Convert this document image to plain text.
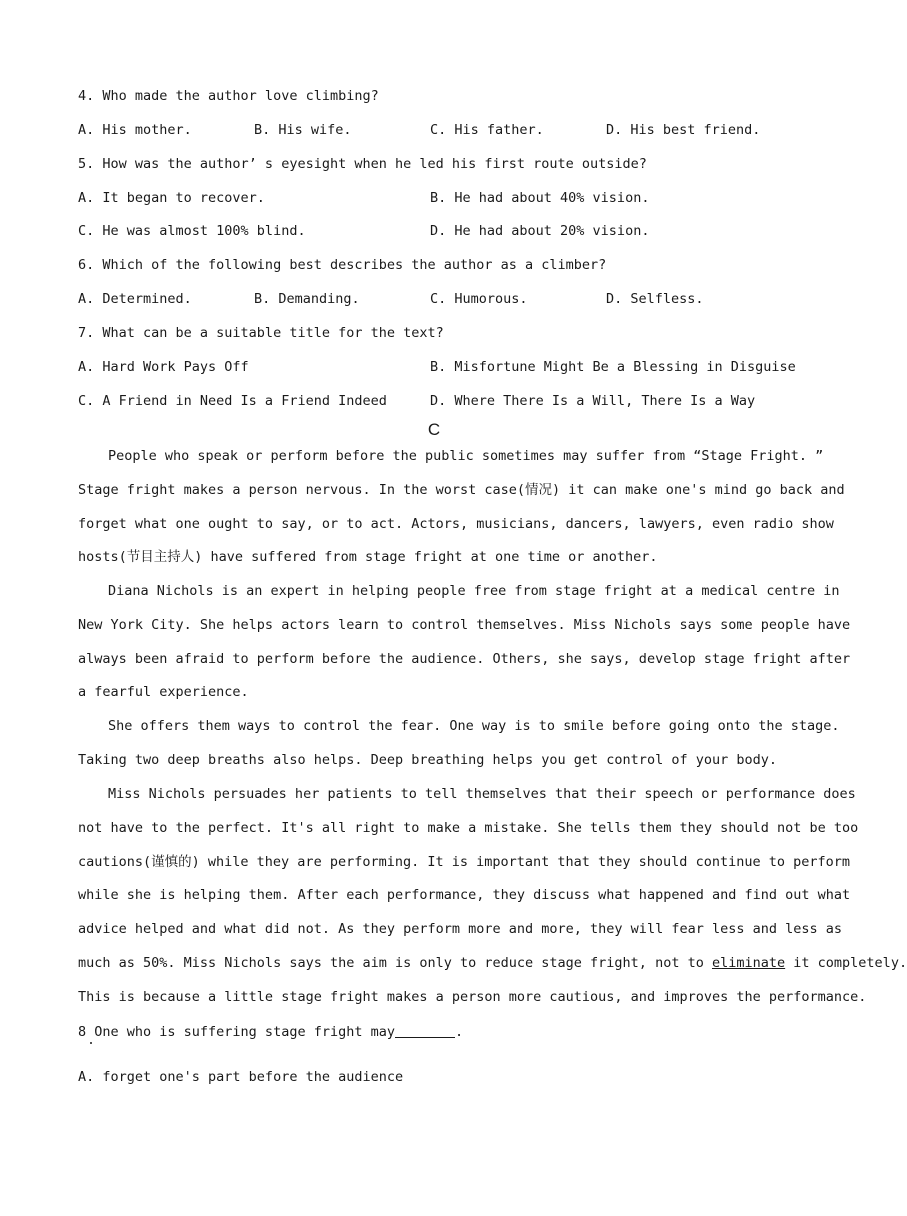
4. Who made the author love climbing?
A. His mother.	B. His wife.	C. His father.	D. His best friend.
5. How was the author’ s eyesight when he led his first route outside?
A. It began to recover.	B. He had about 40% vision.
C. He was almost 100% blind.	D. He had about 20% vision.
6. Which of the following best describes the author as a climber?
A. Determined.	B. Demanding.	C. Humorous.	D. Selfless.
7. What can be a suitable title for the text?
A. Hard Work Pays Off	B. Misfortune Might Be a Blessing in Disguise
C. A Friend in Need Is a Friend Indeed	D. Where There Is a Will, There Is a Way
C
People who speak or perform before the public sometimes may suffer from “Stage Fright. ”
Stage fright makes a person nervous. In the worst case(情况) it can make one's mind go back and
forget what one ought to say, or to act. Actors, musicians, dancers, lawyers, even radio show
hosts(节目主持人) have suffered from stage fright at one time or another.
Diana Nichols is an expert in helping people free from stage fright at a medical centre in
New York City. She helps actors learn to control themselves. Miss Nichols says some people have
always been afraid to perform before the audience. Others, she says, develop stage fright after
a fearful experience.
She offers them ways to control the fear. One way is to smile before going onto the stage.
Taking two deep breaths also helps. Deep breathing helps you get control of your body.
Miss Nichols persuades her patients to tell themselves that their speech or performance does
not have to the perfect. It's all right to make a mistake. She tells them they should not be too
cautions(谨慎的) while they are performing. It is important that they should continue to perform
while she is helping them. After each performance, they discuss what happened and find out what
advice helped and what did not. As they perform more and more, they will fear less and less as
much as 50%. Miss Nichols says the aim is only to reduce stage fright, not to eliminate it completely.
This is because a little stage fright makes a person more cautious, and improves the performance.
8 One who is suffering stage fright may	.
A. forget one's part before the audience
